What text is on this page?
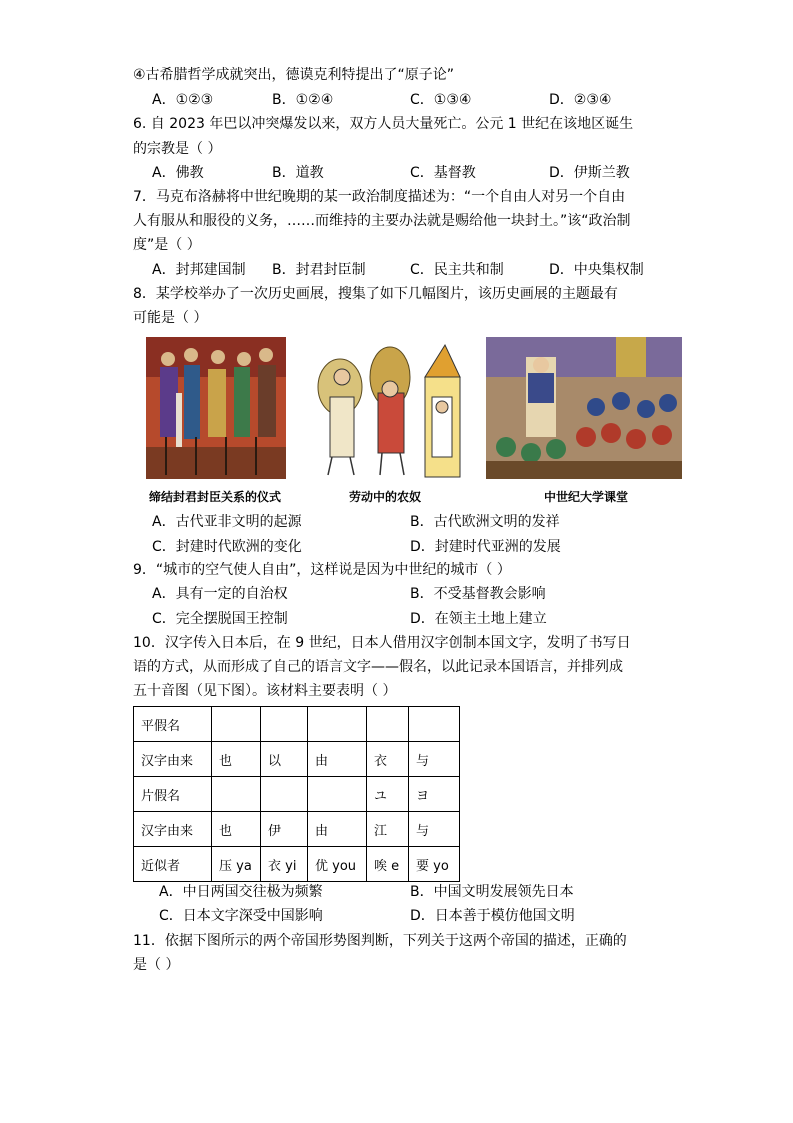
④古希腊哲学成就突出，德谟克利特提出了“原子论”
A．①②③	B．①②④	C．①③④	D．②③④
6. 自 2023 年巴以冲突爆发以来，双方人员大量死亡。公元 1 世纪在该地区诞生
的宗教是（ ）
A．佛教	B．道教	C．基督教	D．伊斯兰教
7．马克布洛赫将中世纪晚期的某一政治制度描述为：“一个自由人对另一个自由
人有服从和服役的义务，……而维持的主要办法就是赐给他一块封土。”该“政治制
度”是（ ）
A．封邦建国制 B．封君封臣制	C．民主共和制	D．中央集权制
8．某学校举办了一次历史画展，搜集了如下几幅图片，该历史画展的主题最有
可能是（ ）
缔结封君封臣关系的仪式	劳动中的农奴	中世纪大学课堂
A．古代亚非文明的起源	B．古代欧洲文明的发祥
C．封建时代欧洲的变化	D．封建时代亚洲的发展
9．“城市的空气使人自由”，这样说是因为中世纪的城市（ ）
A．具有一定的自治权	B．不受基督教会影响
C．完全摆脱国王控制	D．在领主土地上建立
10．汉字传入日本后，在 9 世纪，日本人借用汉字创制本国文字，发明了书写日
语的方式，从而形成了自己的语言文字——假名，以此记录本国语言，并排列成
五十音图（见下图）。该材料主要表明（ ）
平假名					
汉字由来	也	以	由	衣	与
片假名				ユ	ヨ
汉字由来	也	伊	由	江	与
近似者	压 ya	衣 yi	优 you	唉 e	要 yo
A．中日两国交往极为频繁	B．中国文明发展领先日本
C．日本文字深受中国影响	D．日本善于模仿他国文明
11．依据下图所示的两个帝国形势图判断，下列关于这两个帝国的描述，正确的
是（ ）
